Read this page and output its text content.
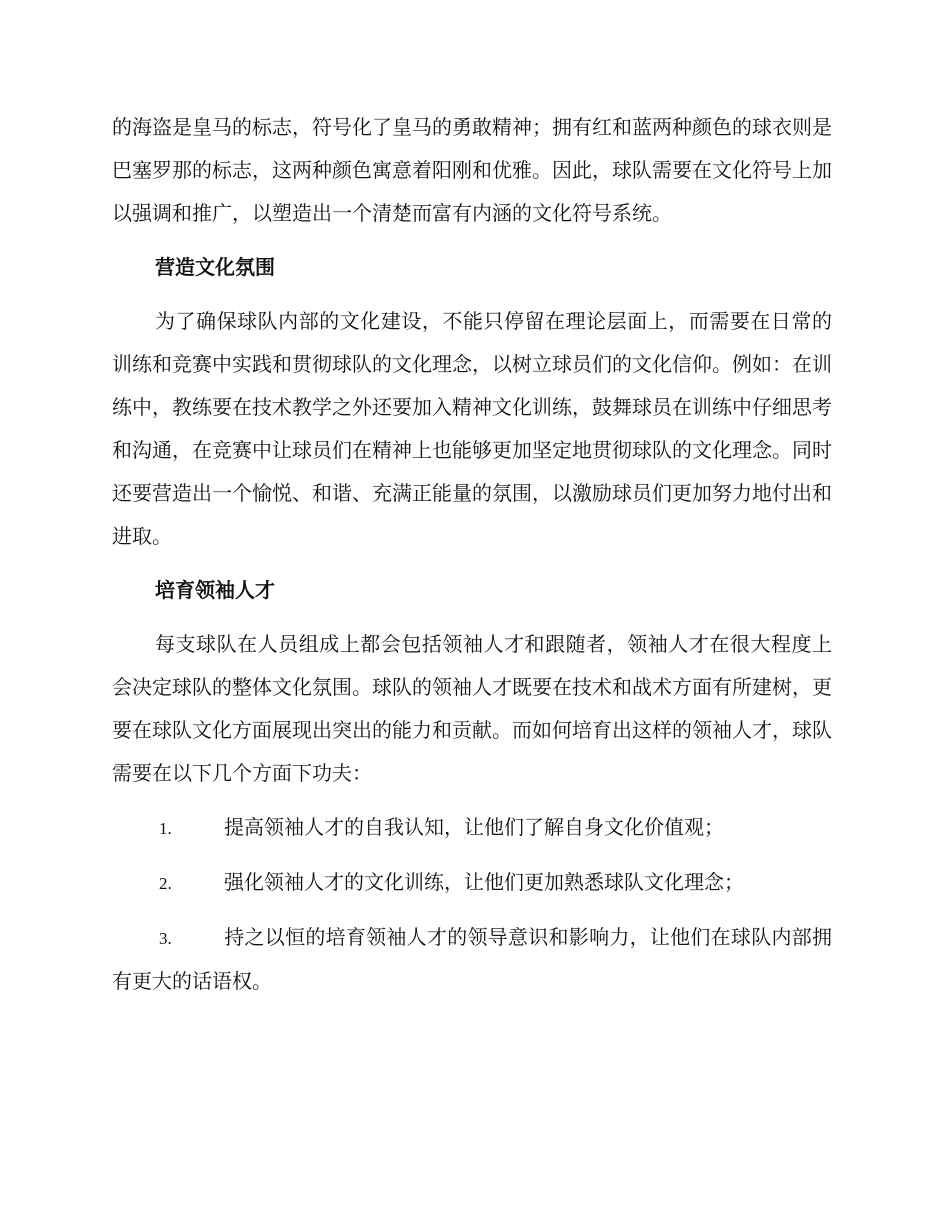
的海盗是皇马的标志，符号化了皇马的勇敢精神；拥有红和蓝两种颜色的球衣则是巴塞罗那的标志，这两种颜色寓意着阳刚和优雅。因此，球队需要在文化符号上加以强调和推广，以塑造出一个清楚而富有内涵的文化符号系统。

营造文化氛围

为了确保球队内部的文化建设，不能只停留在理论层面上，而需要在日常的训练和竞赛中实践和贯彻球队的文化理念，以树立球员们的文化信仰。例如：在训练中，教练要在技术教学之外还要加入精神文化训练，鼓舞球员在训练中仔细思考和沟通，在竞赛中让球员们在精神上也能够更加坚定地贯彻球队的文化理念。同时还要营造出一个愉悦、和谐、充满正能量的氛围，以激励球员们更加努力地付出和进取。

培育领袖人才

每支球队在人员组成上都会包括领袖人才和跟随者，领袖人才在很大程度上会决定球队的整体文化氛围。球队的领袖人才既要在技术和战术方面有所建树，更要在球队文化方面展现出突出的能力和贡献。而如何培育出这样的领袖人才，球队需要在以下几个方面下功夫：

1.	提高领袖人才的自我认知，让他们了解自身文化价值观；

2.	强化领袖人才的文化训练，让他们更加熟悉球队文化理念；

3.	持之以恒的培育领袖人才的领导意识和影响力，让他们在球队内部拥有更大的话语权。
